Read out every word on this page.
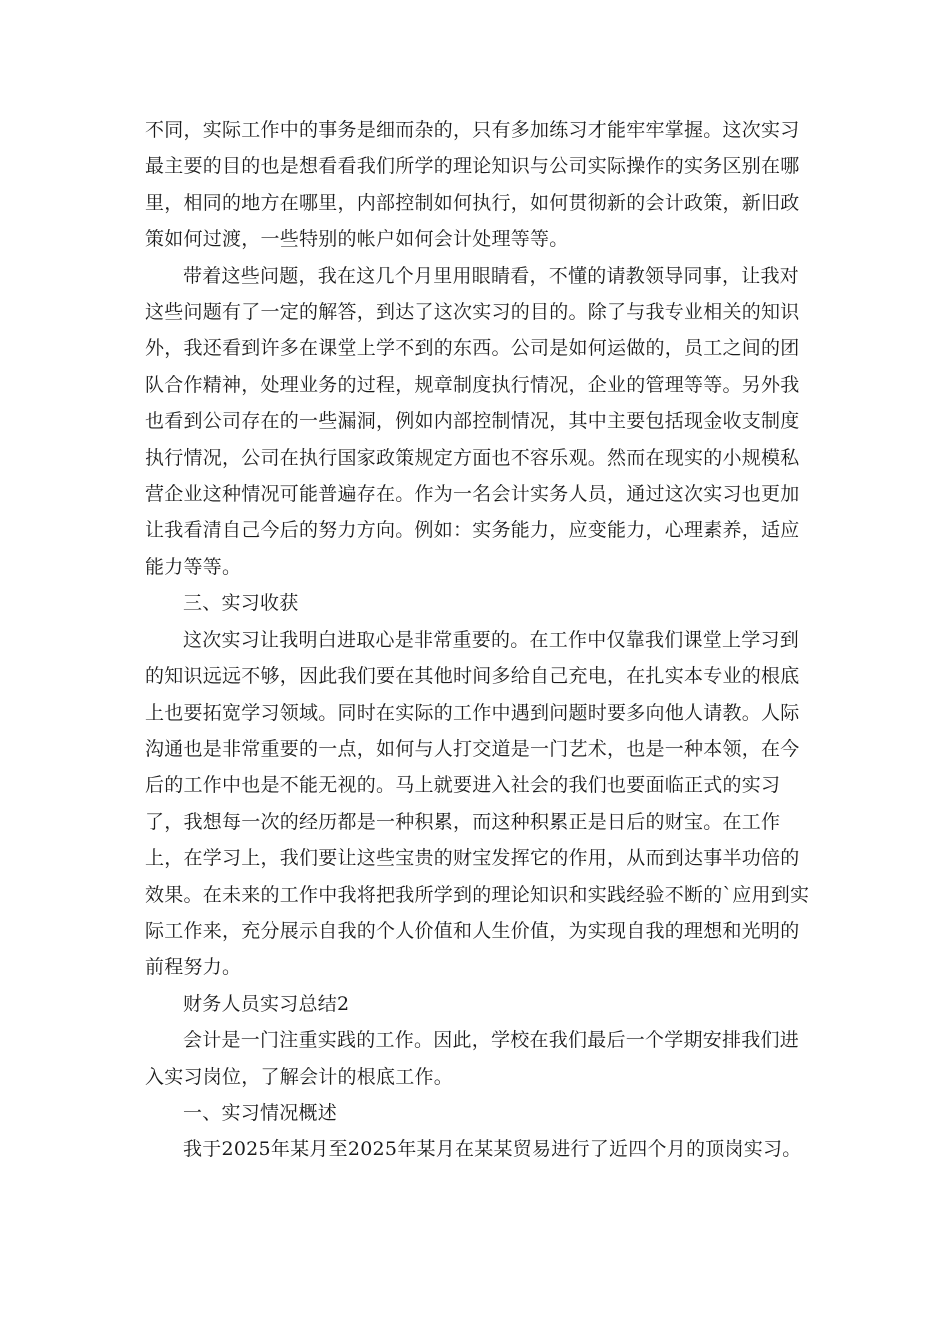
不同，实际工作中的事务是细而杂的，只有多加练习才能牢牢掌握。这次实习
最主要的目的也是想看看我们所学的理论知识与公司实际操作的实务区别在哪
里，相同的地方在哪里，内部控制如何执行，如何贯彻新的会计政策，新旧政
策如何过渡，一些特别的帐户如何会计处理等等。

带着这些问题，我在这几个月里用眼睛看，不懂的请教领导同事，让我对
这些问题有了一定的解答，到达了这次实习的目的。除了与我专业相关的知识
外，我还看到许多在课堂上学不到的东西。公司是如何运做的，员工之间的团
队合作精神，处理业务的过程，规章制度执行情况，企业的管理等等。另外我
也看到公司存在的一些漏洞，例如内部控制情况，其中主要包括现金收支制度
执行情况，公司在执行国家政策规定方面也不容乐观。然而在现实的小规模私
营企业这种情况可能普遍存在。作为一名会计实务人员，通过这次实习也更加
让我看清自己今后的努力方向。例如：实务能力，应变能力，心理素养，适应
能力等等。

三、实习收获

这次实习让我明白进取心是非常重要的。在工作中仅靠我们课堂上学习到
的知识远远不够，因此我们要在其他时间多给自己充电，在扎实本专业的根底
上也要拓宽学习领域。同时在实际的工作中遇到问题时要多向他人请教。人际
沟通也是非常重要的一点，如何与人打交道是一门艺术，也是一种本领，在今
后的工作中也是不能无视的。马上就要进入社会的我们也要面临正式的实习
了，我想每一次的经历都是一种积累，而这种积累正是日后的财宝。在工作
上，在学习上，我们要让这些宝贵的财宝发挥它的作用，从而到达事半功倍的
效果。在未来的工作中我将把我所学到的理论知识和实践经验不断的`应用到实
际工作来，充分展示自我的个人价值和人生价值，为实现自我的理想和光明的
前程努力。

财务人员实习总结2

会计是一门注重实践的工作。因此，学校在我们最后一个学期安排我们进
入实习岗位，了解会计的根底工作。

一、实习情况概述

我于2025年某月至2025年某月在某某贸易进行了近四个月的顶岗实习。
